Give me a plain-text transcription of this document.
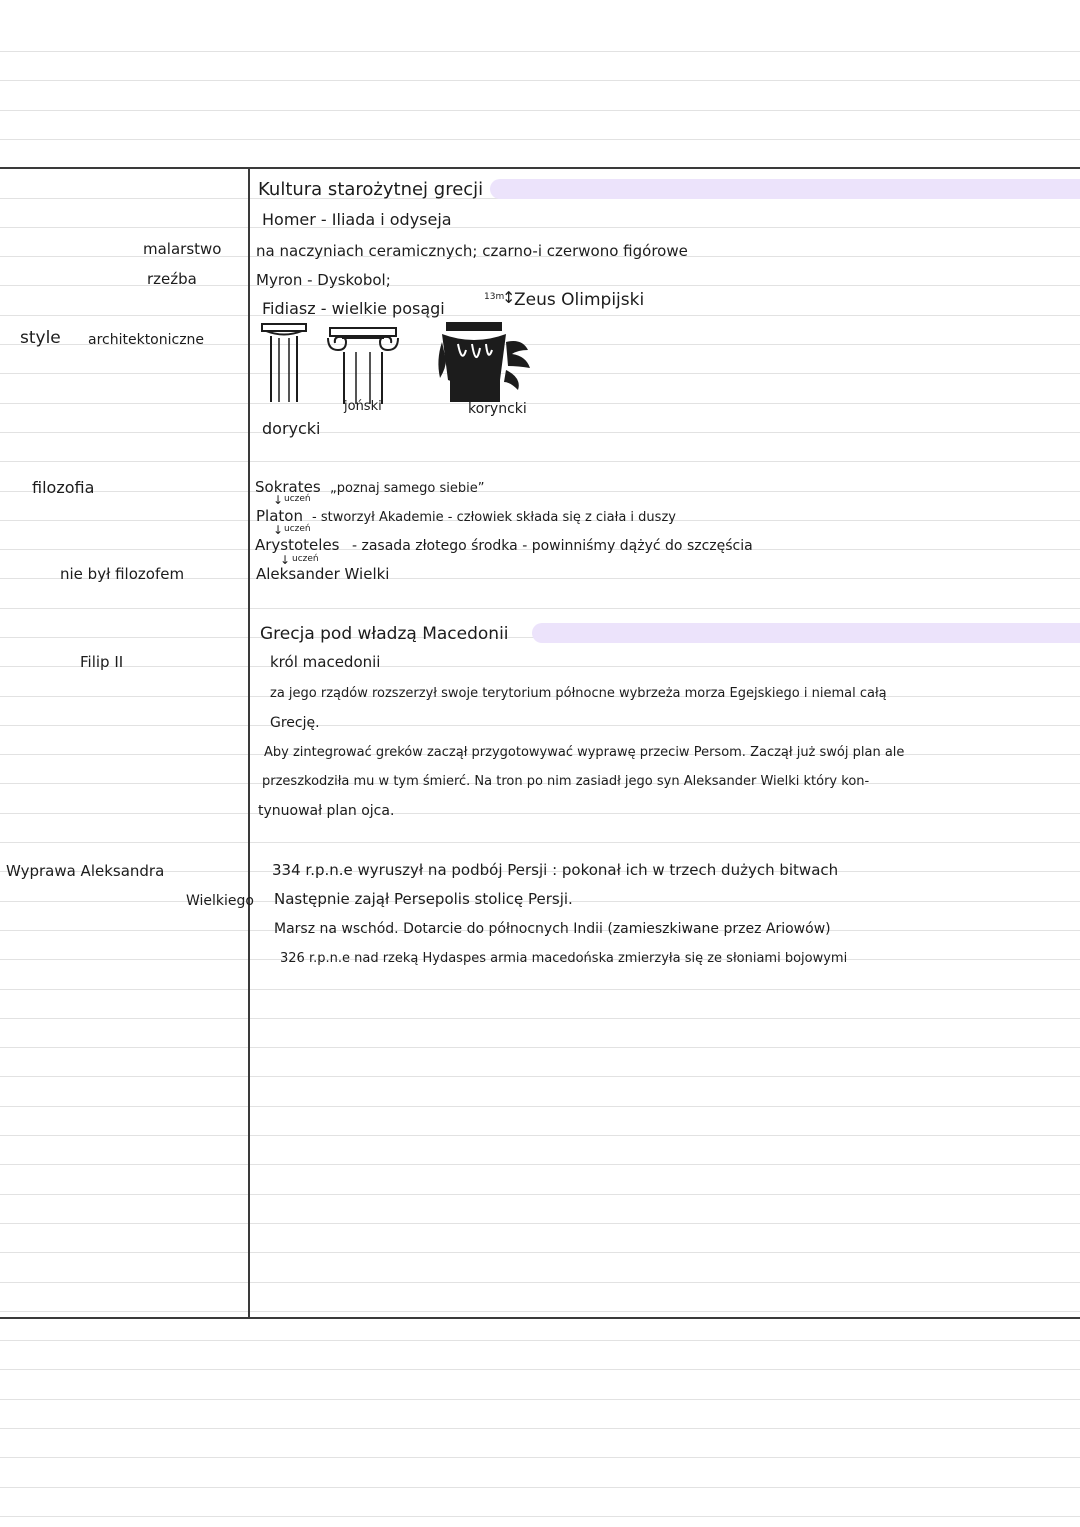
malarstwo
rzeźba
style architektoniczne
filozofia
nie był filozofem
Filip II
Wyprawa Aleksandra
Wielkiego
Kultura starożytnej grecji
Homer - Iliada i odyseja
na naczyniach ceramicznych; czarno-i czerwono figórowe
Myron - Dyskobol;
Fidiasz - wielkie posągi
13m
↕
Zeus Olimpijski
dorycki
joński	koryncki
Sokrates „poznaj samego siebie”
↓ uczeń
Platon - stworzył Akademie - człowiek składa się z ciała i duszy
↓ uczeń
Arystoteles - zasada złotego środka - powinniśmy dążyć do szczęścia
↓ uczeń
Aleksander Wielki
Grecja pod władzą Macedonii
król macedonii
za jego rządów rozszerzył swoje terytorium północne wybrzeża morza Egejskiego i niemal całą
Grecję.
Aby zintegrować greków zaczął przygotowywać wyprawę przeciw Persom. Zaczął już swój plan ale
przeszkodziła mu w tym śmierć. Na tron po nim zasiadł jego syn Aleksander Wielki który kon-
tynuował plan ojca.
334 r.p.n.e wyruszył na podbój Persji : pokonał ich w trzech dużych bitwach
Następnie zajął Persepolis stolicę Persji.
Marsz na wschód. Dotarcie do północnych Indii (zamieszkiwane przez Ariowów)
326 r.p.n.e nad rzeką Hydaspes armia macedońska zmierzyła się ze słoniami bojowymi
